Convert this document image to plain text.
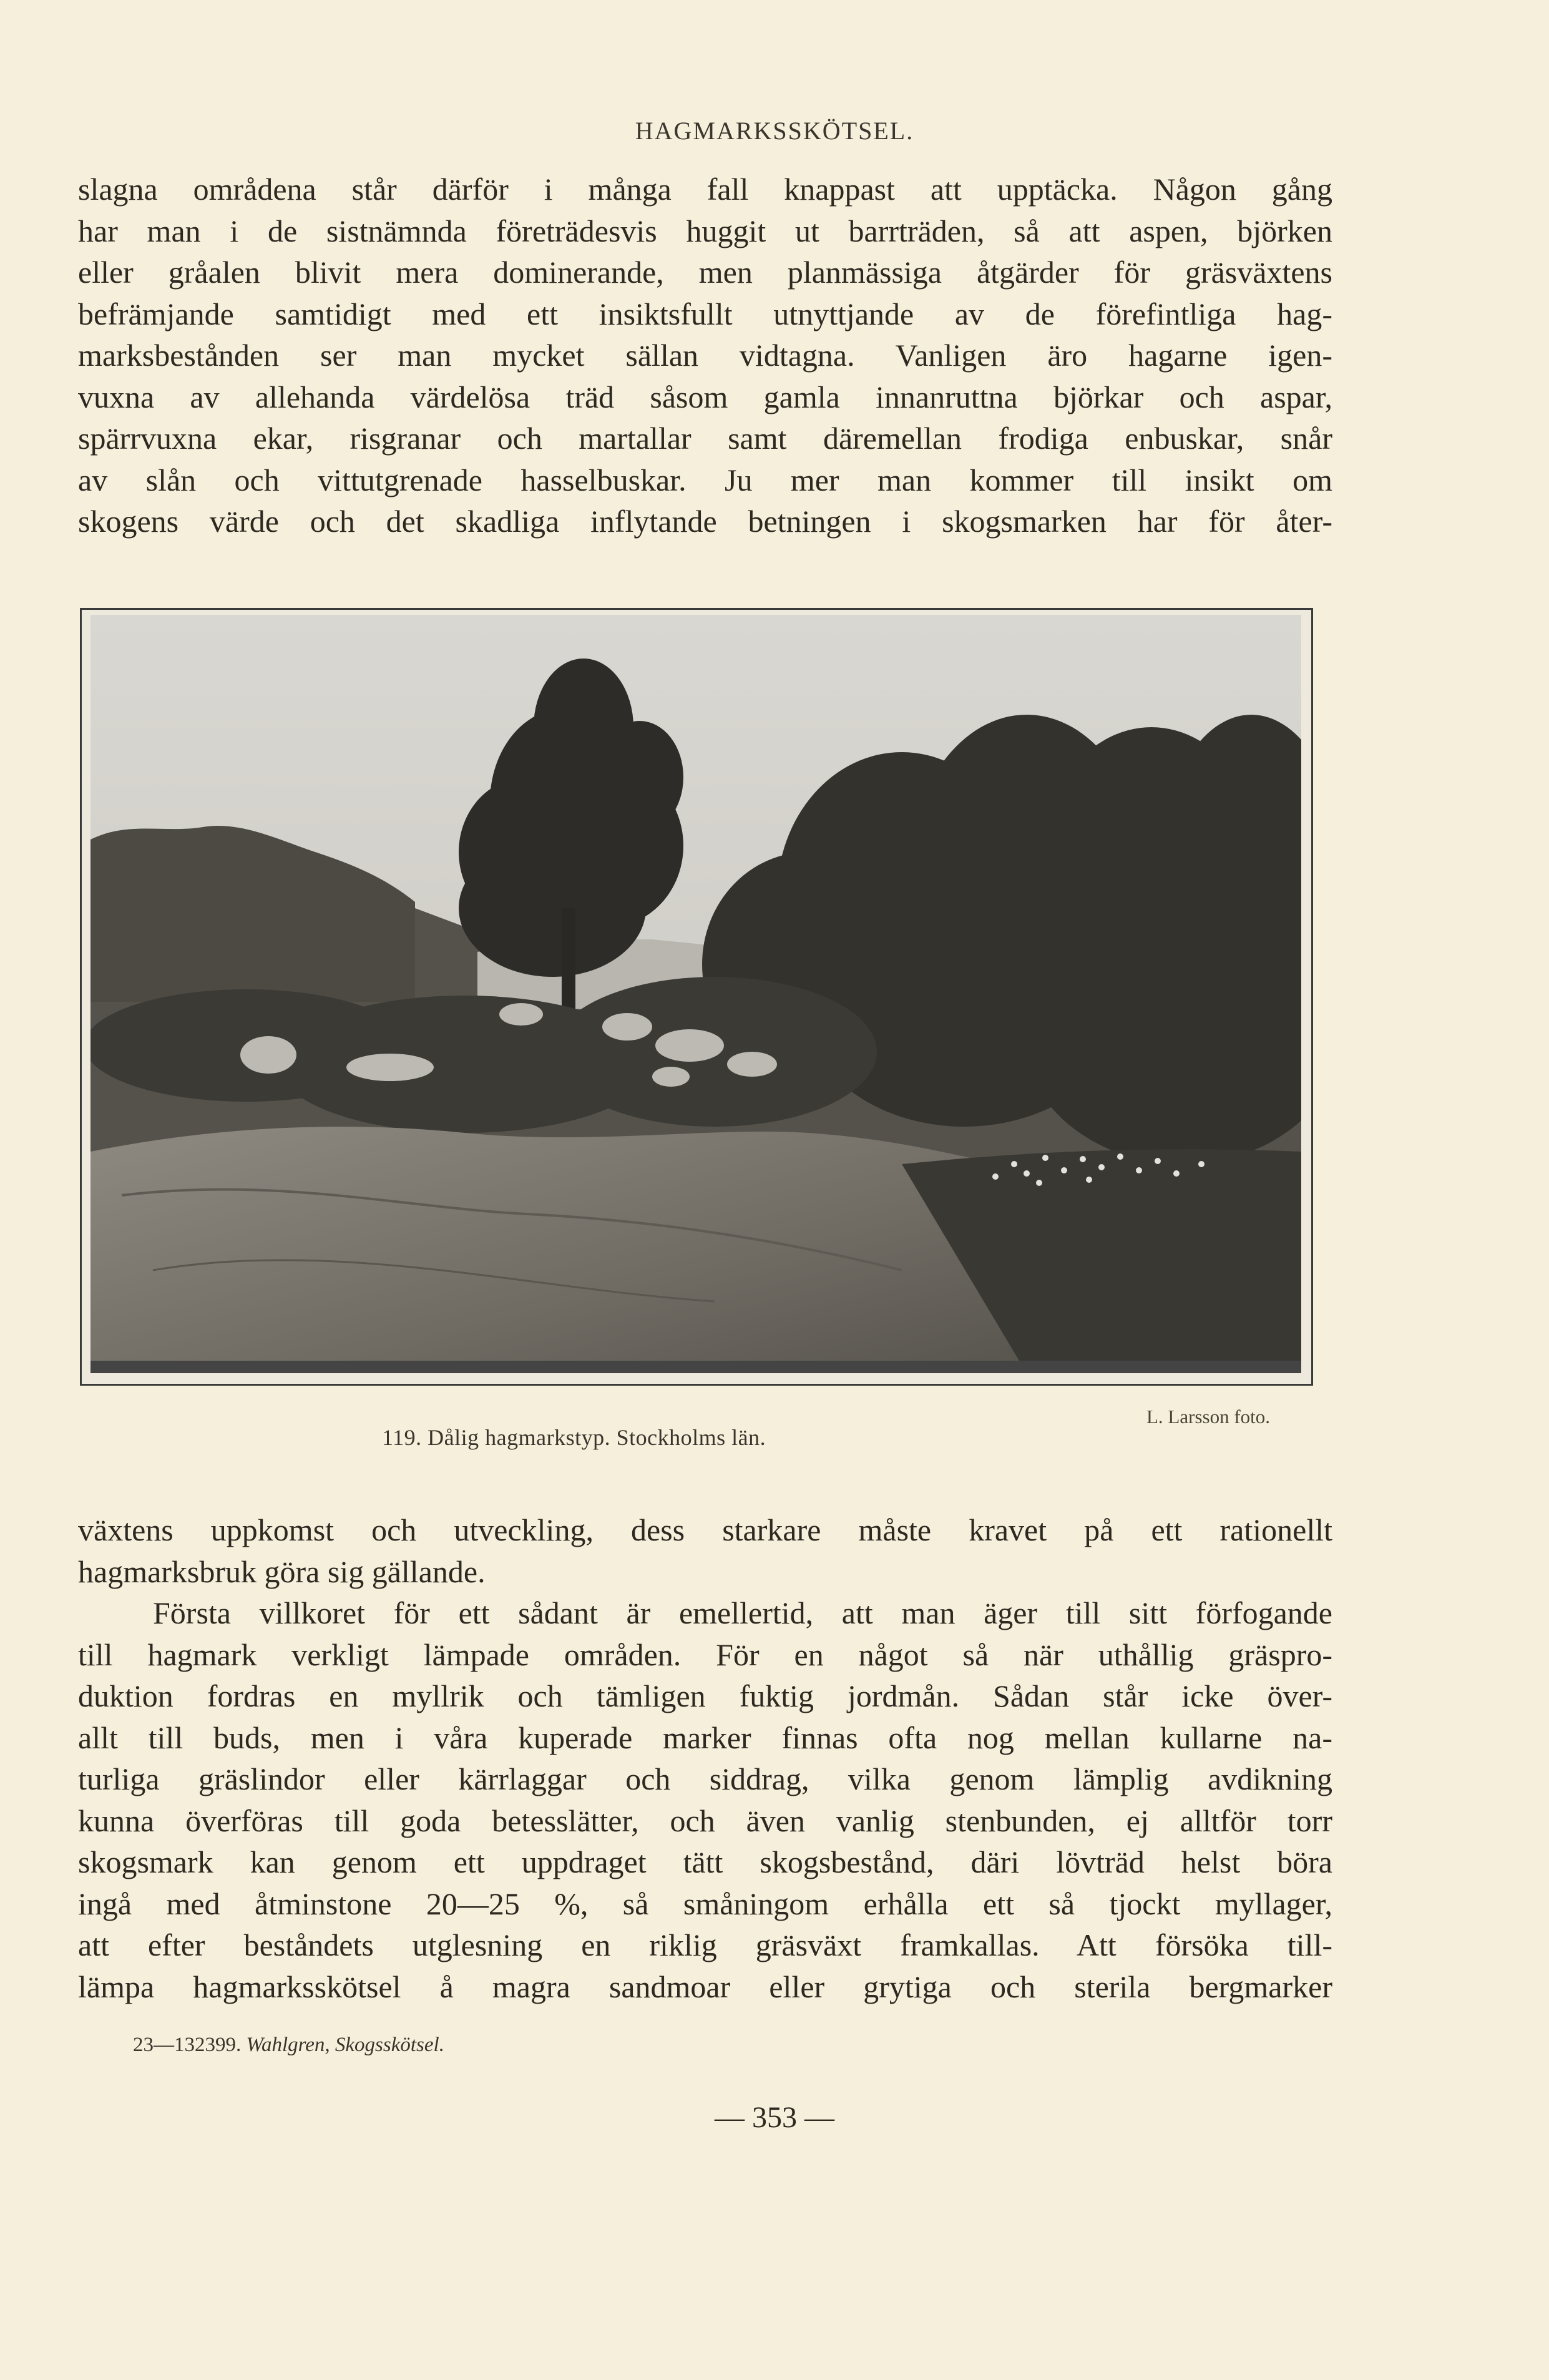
HAGMARKSSKÖTSEL.
slagna områdena står därför i många fall knappast att upptäcka. Någon gång
har man i de sistnämnda företrädesvis huggit ut barrträden, så att aspen, björken
eller gråalen blivit mera dominerande, men planmässiga åtgärder för gräsväxtens
befrämjande samtidigt med ett insiktsfullt utnyttjande av de förefintliga hag-
marksbestånden ser man mycket sällan vidtagna. Vanligen äro hagarne igen-
vuxna av allehanda värdelösa träd såsom gamla innanruttna björkar och aspar,
spärrvuxna ekar, risgranar och martallar samt däremellan frodiga enbuskar, snår
av slån och vittutgrenade hasselbuskar. Ju mer man kommer till insikt om
skogens värde och det skadliga inflytande betningen i skogsmarken har för åter-
L. Larsson foto.
119. Dålig hagmarkstyp. Stockholms län.
växtens uppkomst och utveckling, dess starkare måste kravet på ett rationellt
hagmarksbruk göra sig gällande.
Första villkoret för ett sådant är emellertid, att man äger till sitt förfogande
till hagmark verkligt lämpade områden. För en något så när uthållig gräspro-
duktion fordras en myllrik och tämligen fuktig jordmån. Sådan står icke över-
allt till buds, men i våra kuperade marker finnas ofta nog mellan kullarne na-
turliga gräslindor eller kärrlaggar och siddrag, vilka genom lämplig avdikning
kunna överföras till goda betesslätter, och även vanlig stenbunden, ej alltför torr
skogsmark kan genom ett uppdraget tätt skogsbestånd, däri lövträd helst böra
ingå med åtminstone 20—25 %, så småningom erhålla ett så tjockt myllager,
att efter beståndets utglesning en riklig gräsväxt framkallas. Att försöka till-
lämpa hagmarksskötsel å magra sandmoar eller grytiga och sterila bergmarker
23—132399. Wahlgren, Skogsskötsel.
— 353 —
